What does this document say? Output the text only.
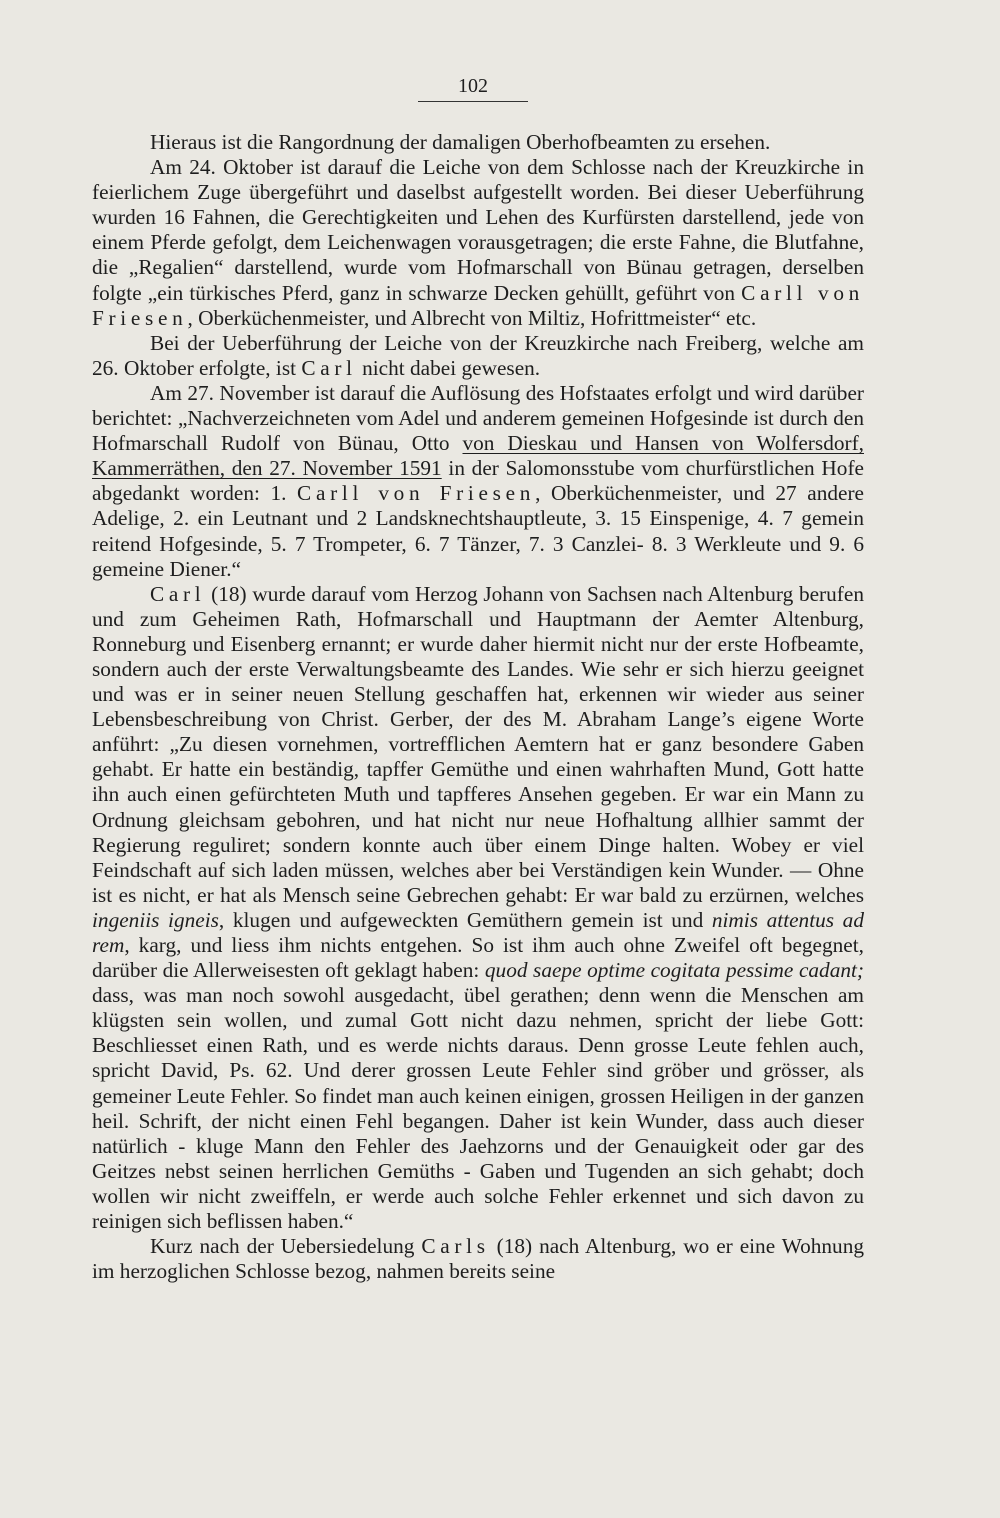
102

Hieraus ist die Rangordnung der damaligen Oberhofbeamten zu ersehen.

Am 24. Oktober ist darauf die Leiche von dem Schlosse nach der Kreuzkirche in feierlichem Zuge übergeführt und daselbst aufgestellt worden. Bei dieser Ueberführung wurden 16 Fahnen, die Gerechtigkeiten und Lehen des Kurfürsten darstellend, jede von einem Pferde gefolgt, dem Leichenwagen vorausgetragen; die erste Fahne, die Blutfahne, die „Regalien“ darstellend, wurde vom Hofmarschall von Bünau getragen, derselben folgte „ein türkisches Pferd, ganz in schwarze Decken gehüllt, geführt von Carll von Friesen, Oberküchenmeister, und Albrecht von Miltiz, Hofrittmeister“ etc.

Bei der Ueberführung der Leiche von der Kreuzkirche nach Freiberg, welche am 26. Oktober erfolgte, ist Carl nicht dabei gewesen.

Am 27. November ist darauf die Auflösung des Hofstaates erfolgt und wird darüber berichtet: „Nachverzeichneten vom Adel und anderem gemeinen Hofgesinde ist durch den Hofmarschall Rudolf von Bünau, Otto von Dieskau und Hansen von Wolfersdorf, Kammerräthen, den 27. November 1591 in der Salomonsstube vom churfürstlichen Hofe abgedankt worden: 1. Carll von Friesen, Oberküchenmeister, und 27 andere Adelige, 2. ein Leutnant und 2 Landsknechtshauptleute, 3. 15 Einspenige, 4. 7 gemein reitend Hofgesinde, 5. 7 Trompeter, 6. 7 Tänzer, 7. 3 Canzlei- 8. 3 Werkleute und 9. 6 gemeine Diener.“

Carl (18) wurde darauf vom Herzog Johann von Sachsen nach Altenburg berufen und zum Geheimen Rath, Hofmarschall und Hauptmann der Aemter Altenburg, Ronneburg und Eisenberg ernannt; er wurde daher hiermit nicht nur der erste Hofbeamte, sondern auch der erste Verwaltungsbeamte des Landes. Wie sehr er sich hierzu geeignet und was er in seiner neuen Stellung geschaffen hat, erkennen wir wieder aus seiner Lebensbeschreibung von Christ. Gerber, der des M. Abraham Lange’s eigene Worte anführt: „Zu diesen vornehmen, vortrefflichen Aemtern hat er ganz besondere Gaben gehabt. Er hatte ein beständig, tapffer Gemüthe und einen wahrhaften Mund, Gott hatte ihn auch einen gefürchteten Muth und tapfferes Ansehen gegeben. Er war ein Mann zu Ordnung gleichsam gebohren, und hat nicht nur neue Hofhaltung allhier sammt der Regierung reguliret; sondern konnte auch über einem Dinge halten. Wobey er viel Feindschaft auf sich laden müssen, welches aber bei Verständigen kein Wunder. — Ohne ist es nicht, er hat als Mensch seine Gebrechen gehabt: Er war bald zu erzürnen, welches ingeniis igneis, klugen und aufgeweckten Gemüthern gemein ist und nimis attentus ad rem, karg, und liess ihm nichts entgehen. So ist ihm auch ohne Zweifel oft begegnet, darüber die Allerweisesten oft geklagt haben: quod saepe optime cogitata pessime cadant; dass, was man noch sowohl ausgedacht, übel gerathen; denn wenn die Menschen am klügsten sein wollen, und zumal Gott nicht dazu nehmen, spricht der liebe Gott: Beschliesset einen Rath, und es werde nichts daraus. Denn grosse Leute fehlen auch, spricht David, Ps. 62. Und derer grossen Leute Fehler sind gröber und grösser, als gemeiner Leute Fehler. So findet man auch keinen einigen, grossen Heiligen in der ganzen heil. Schrift, der nicht einen Fehl begangen. Daher ist kein Wunder, dass auch dieser natürlich - kluge Mann den Fehler des Jaehzorns und der Genauigkeit oder gar des Geitzes nebst seinen herrlichen Gemüths - Gaben und Tugenden an sich gehabt; doch wollen wir nicht zweiffeln, er werde auch solche Fehler erkennet und sich davon zu reinigen sich beflissen haben.“

Kurz nach der Uebersiedelung Carls (18) nach Altenburg, wo er eine Wohnung im herzoglichen Schlosse bezog, nahmen bereits seine
